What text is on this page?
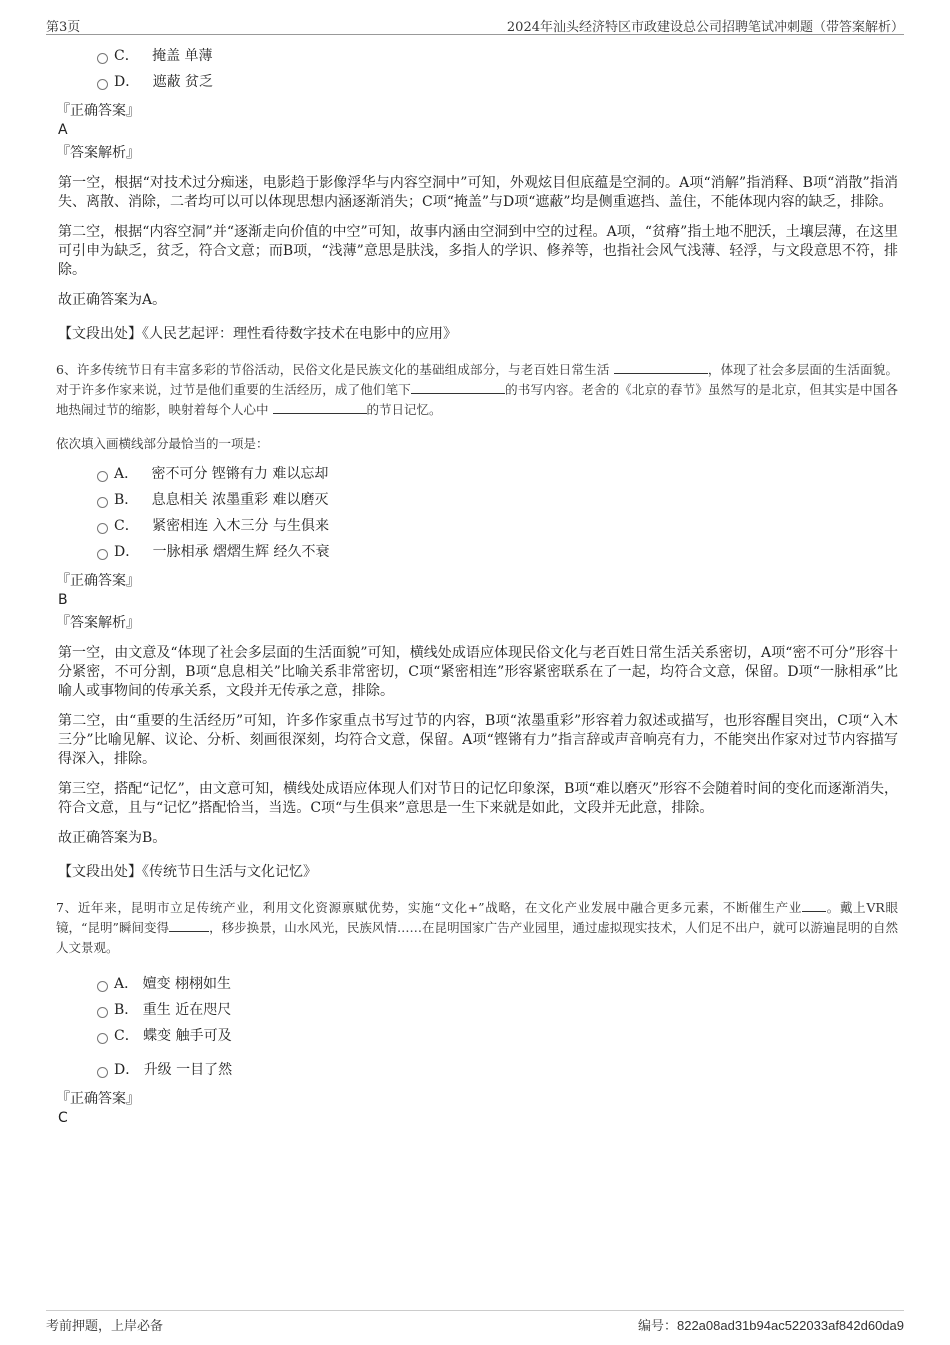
第3页	2024年汕头经济特区市政建设总公司招聘笔试冲刺题（带答案解析）
C． 掩盖 单薄
D． 遮蔽 贫乏
『正确答案』
A
『答案解析』
第一空，根据“对技术过分痴迷，电影趋于影像浮华与内容空洞中”可知，外观炫目但底蕴是空洞的。A项“消解”指消释、B项“消散”指消失、离散、消除，二者均可以可以体现思想内涵逐渐消失；C项“掩盖”与D项“遮蔽”均是侧重遮挡、盖住，不能体现内容的缺乏，排除。
第二空，根据“内容空洞”并“逐渐走向价值的中空”可知，故事内涵由空洞到中空的过程。A项，“贫瘠”指土地不肥沃，土壤层薄，在这里可引申为缺乏，贫乏，符合文意；而B项，“浅薄”意思是肤浅，多指人的学识、修养等，也指社会风气浅薄、轻浮，与文段意思不符，排除。
故正确答案为A。
【文段出处】《人民艺起评：理性看待数字技术在电影中的应用》
6、许多传统节日有丰富多彩的节俗活动，民俗文化是民族文化的基础组成部分，与老百姓日常生活	，体现了社会多层面的生活面貌。对于许多作家来说，过节是他们重要的生活经历，成了他们笔下	的书写内容。老舍的《北京的春节》虽然写的是北京，但其实是中国各地热闹过节的缩影，映射着每个人心中	的节日记忆。
依次填入画横线部分最恰当的一项是：
A． 密不可分 铿锵有力 难以忘却
B． 息息相关 浓墨重彩 难以磨灭
C． 紧密相连 入木三分 与生俱来
D． 一脉相承 熠熠生辉 经久不衰
『正确答案』
B
『答案解析』
第一空，由文意及“体现了社会多层面的生活面貌”可知，横线处成语应体现民俗文化与老百姓日常生活关系密切，A项“密不可分”形容十分紧密，不可分割，B项“息息相关”比喻关系非常密切，C项“紧密相连”形容紧密联系在了一起，均符合文意，保留。D项“一脉相承”比喻人或事物间的传承关系，文段并无传承之意，排除。
第二空，由“重要的生活经历”可知，许多作家重点书写过节的内容，B项“浓墨重彩”形容着力叙述或描写，也形容醒目突出，C项“入木三分”比喻见解、议论、分析、刻画很深刻，均符合文意，保留。A项“铿锵有力”指言辞或声音响亮有力，不能突出作家对过节内容描写得深入，排除。
第三空，搭配“记忆”，由文意可知，横线处成语应体现人们对节日的记忆印象深，B项“难以磨灭”形容不会随着时间的变化而逐渐消失，符合文意，且与“记忆”搭配恰当，当选。C项“与生俱来”意思是一生下来就是如此，文段并无此意，排除。
故正确答案为B。
【文段出处】《传统节日生活与文化记忆》
7、近年来，昆明市立足传统产业，利用文化资源禀赋优势，实施“文化+”战略，在文化产业发展中融合更多元素，不断催生产业 。戴上VR眼镜，“昆明”瞬间变得	，移步换景，山水风光，民族风情……在昆明国家广告产业园里，通过虚拟现实技术，人们足不出户，就可以游遍昆明的自然人文景观。
A． 嬗变 栩栩如生
B． 重生 近在咫尺
C． 蝶变 触手可及
D． 升级 一目了然
『正确答案』
C
考前押题，上岸必备	编号：822a08ad31b94ac522033af842d60da9
